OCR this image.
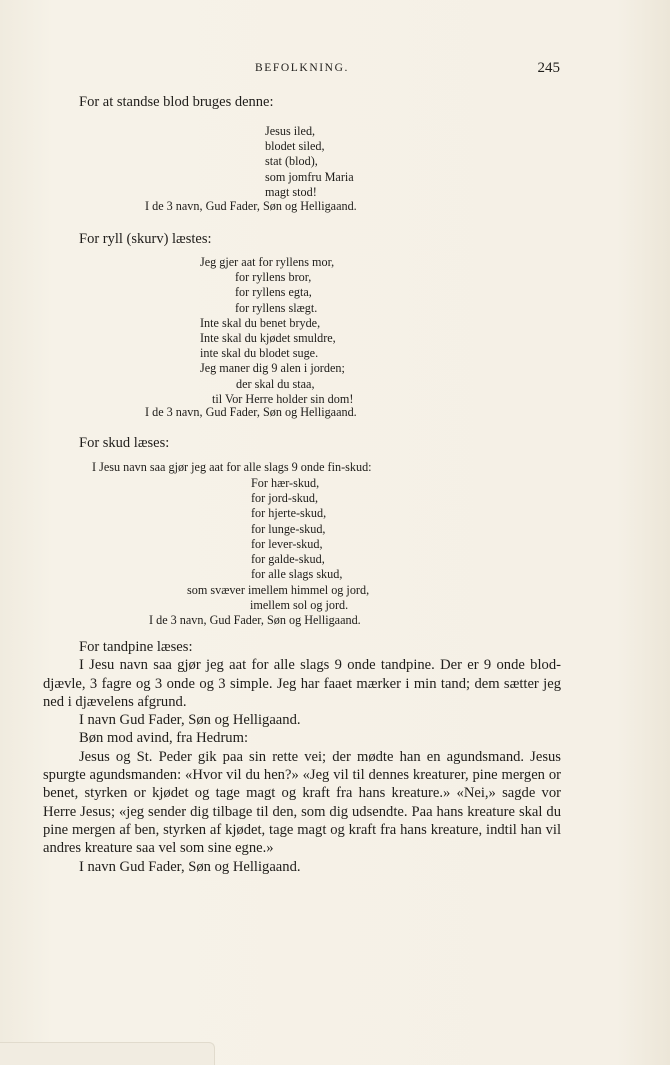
BEFOLKNING.	245
For at standse blod bruges denne:
Jesus iled,
blodet siled,
stat (blod),
som jomfru Maria
magt stod!
I de 3 navn, Gud Fader, Søn og Helligaand.
For ryll (skurv) læstes:
Jeg gjer aat for ryllens mor,
for ryllens bror,
for ryllens egta,
for ryllens slægt.
Inte skal du benet bryde,
Inte skal du kjødet smuldre,
inte skal du blodet suge.
Jeg maner dig 9 alen i jorden;
der skal du staa,
til Vor Herre holder sin dom!
I de 3 navn, Gud Fader, Søn og Helligaand.
For skud læses:
I Jesu navn saa gjør jeg aat for alle slags 9 onde fin-skud:
For hær-skud,
for jord-skud,
for hjerte-skud,
for lunge-skud,
for lever-skud,
for galde-skud,
for alle slags skud,
som svæver imellem himmel og jord,
imellem sol og jord.
I de 3 navn, Gud Fader, Søn og Helligaand.

For tandpine læses:

I Jesu navn saa gjør jeg aat for alle slags 9 onde tandpine. Der er 9 onde blod-djævle, 3 fagre og 3 onde og 3 simple. Jeg har faaet mærker i min tand; dem sætter jeg ned i djævelens afgrund.

I navn Gud Fader, Søn og Helligaand.

Bøn mod avind, fra Hedrum:

Jesus og St. Peder gik paa sin rette vei; der mødte han en agundsmand. Jesus spurgte agundsmanden: «Hvor vil du hen?» «Jeg vil til dennes kreaturer, pine mergen or benet, styrken or kjødet og tage magt og kraft fra hans kreature.» «Nei,» sagde vor Herre Jesus; «jeg sender dig tilbage til den, som dig udsendte. Paa hans kreature skal du pine mergen af ben, styrken af kjødet, tage magt og kraft fra hans kreature, indtil han vil andres kreature saa vel som sine egne.»

I navn Gud Fader, Søn og Helligaand.
